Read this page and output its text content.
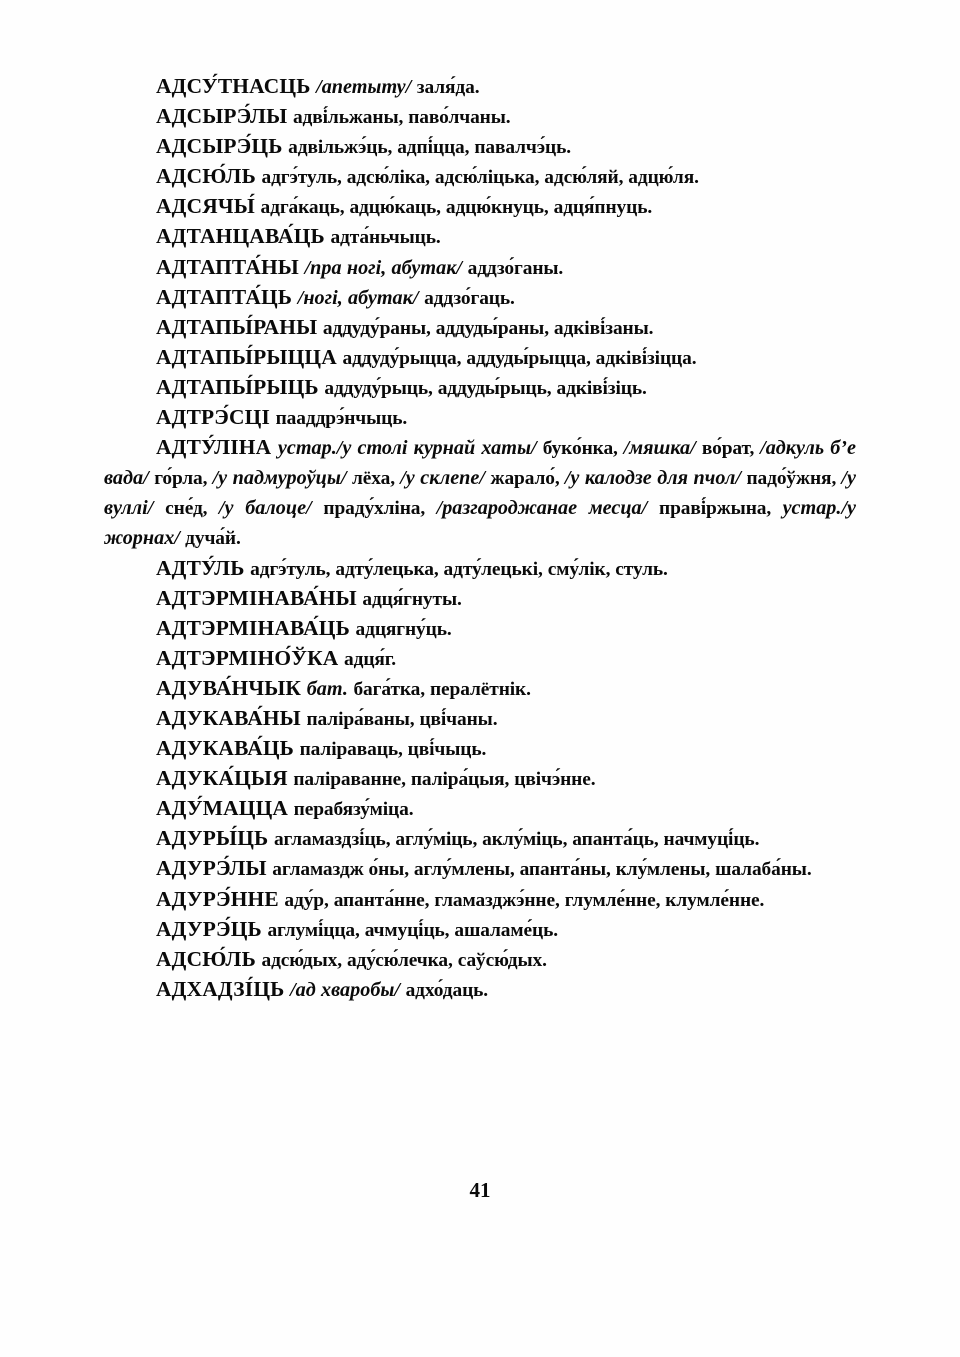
АДСУ́ТНАСЦЬ /апетыту/ заля́да.

АДСЫРЭ́ЛЫ адві́льжаны, паво́лчаны.

АДСЫРЭ́ЦЬ адвільжэ́ць, адпі́цца, павалчэ́ць.

АДСЮ́ЛЬ адгэ́туль, адсю́ліка, адсю́ліцька, адсю́ляй, адцю́ля.

АДСЯЧЫ́ адга́каць, адцю́каць, адцю́кнуць, адця́пнуць.

АДТАНЦАВА́ЦЬ адта́ньчыць.

АДТАПТА́НЫ /пра ногі, абутак/ аддзо́ганы.

АДТАПТА́ЦЬ /ногі, абутак/ аддзо́гаць.

АДТАПЫ́РАНЫ аддуду́раны, аддуды́раны, адківі́заны.

АДТАПЫ́РЫЦЦА аддуду́рыцца, аддуды́рыцца, адківі́зіцца.

АДТАПЫ́РЫЦЬ аддуду́рыць, аддуды́рыць, адківі́зіць.

АДТРЭ́СЦІ пааддрэ́нчыць.

АДТУ́ЛІНА устар./у столі курнай хаты/ буко́нка, /мяшка/ во́рат, /адкуль б’е вада/ го́рла, /у падмуроўцы/ лёха, /у склепе/ жарало́, /у калодзе для пчол/ падо́ўжня, /у вуллі/ сне́д, /у балоце/ праду́хліна, /разгароджанае месца/ праві́ржына, устар./у жорнах/ дуча́й.

АДТУ́ЛЬ адгэ́туль, адту́лецька, адту́лецькі, сму́лік, стуль.

АДТЭРМІНАВА́НЫ адця́гнуты.

АДТЭРМІНАВА́ЦЬ адцягну́ць.

АДТЭРМІНО́ЎКА адця́г.

АДУВА́НЧЫК бат. бага́тка, пералётнік.

АДУКАВА́НЫ паліра́ваны, цві́чаны.

АДУКАВА́ЦЬ паліраваць, цві́чыць.

АДУКА́ЦЫЯ паліраванне, паліра́цыя, цвічэ́нне.

АДУ́МАЦЦА перабязу́міца.

АДУРЫ́ЦЬ агламаздзі́ць, аглу́міць, аклу́міць, апанта́ць, начмуці́ць.

АДУРЭ́ЛЫ агламаздж о́ны, аглу́млены, апанта́ны, клу́млены, шалаба́ны.

АДУРЭ́ННЕ аду́р, апанта́нне, гламазджэ́нне, глумле́нне, клумле́нне.

АДУРЭ́ЦЬ аглумі́цца, ачмуці́ць, ашаламе́ць.

АДСЮ́ЛЬ адсю́дых, аду́сю́лечка, саўсю́дых.

АДХАДЗІ́ЦЬ /ад хваробы/ адхо́даць.

41
